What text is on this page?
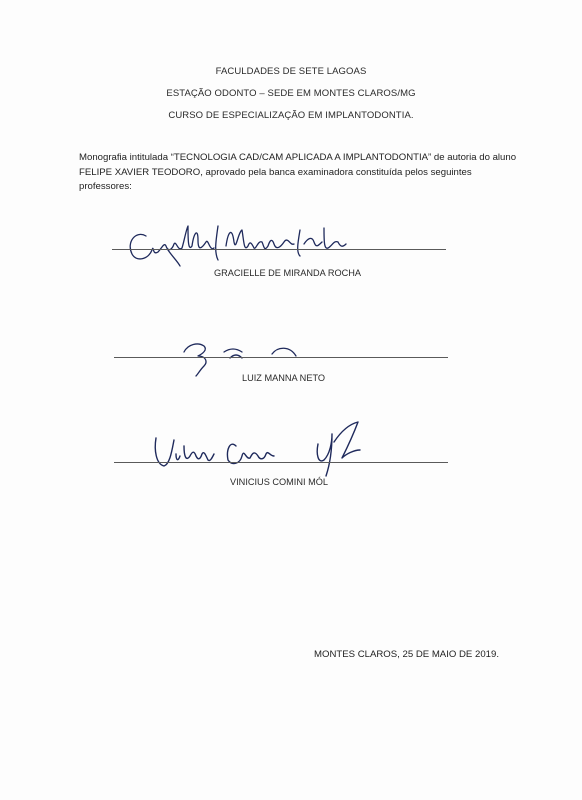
FACULDADES DE SETE LAGOAS
ESTAÇÃO ODONTO – SEDE EM MONTES CLAROS/MG
CURSO DE ESPECIALIZAÇÃO EM IMPLANTODONTIA.
Monografia intitulada “TECNOLOGIA CAD/CAM APLICADA A IMPLANTODONTIA” de autoria do aluno FELIPE XAVIER TEODORO, aprovado pela banca examinadora constituída pelos seguintes professores:
GRACIELLE DE MIRANDA ROCHA
LUIZ MANNA NETO
VINICIUS COMINI MÓL
MONTES CLAROS, 25 DE MAIO DE 2019.
